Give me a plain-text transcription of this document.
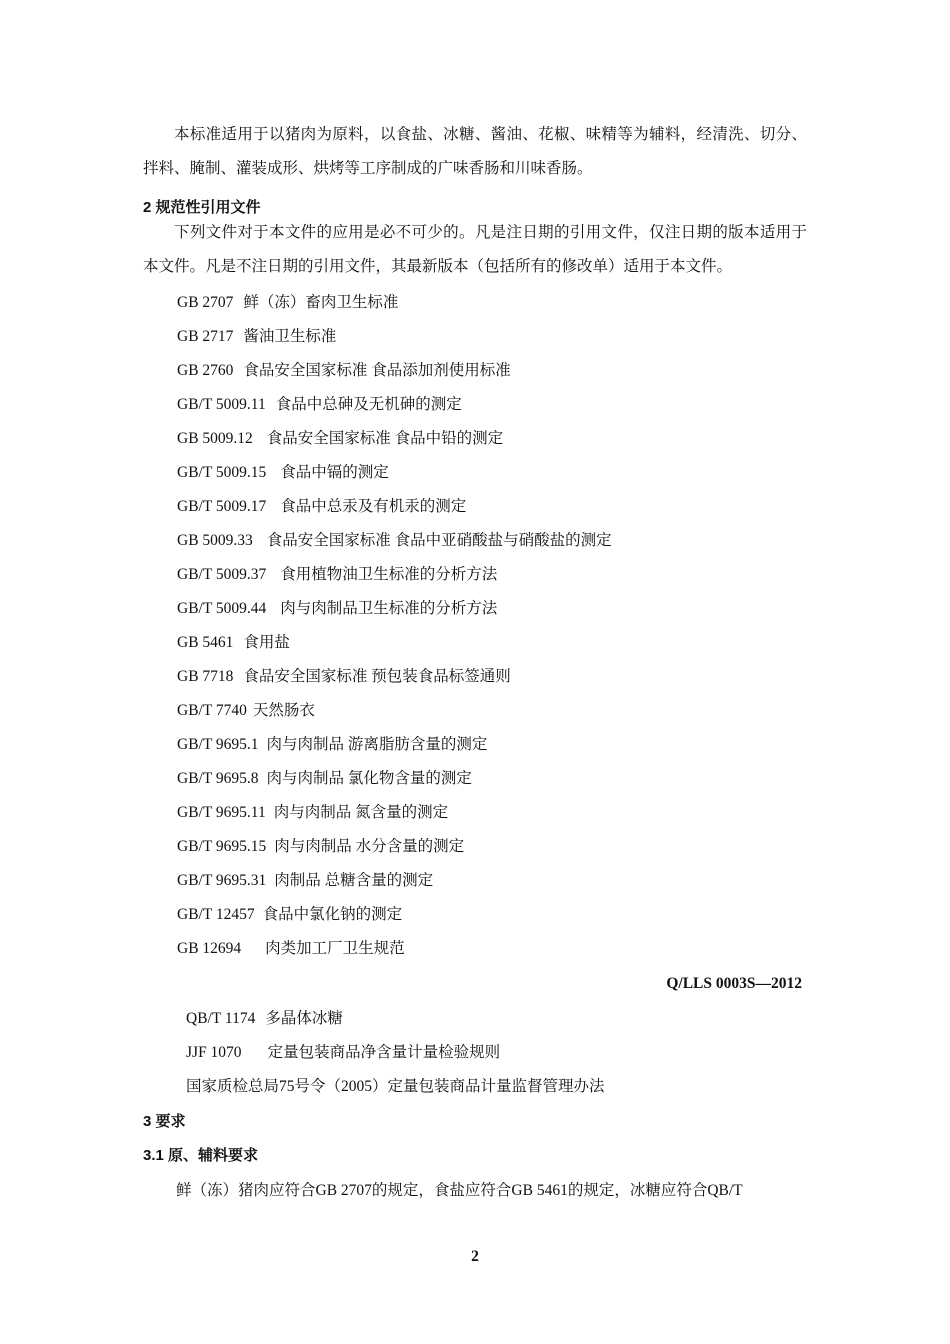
本标准适用于以猪肉为原料，以食盐、冰糖、酱油、花椒、味精等为辅料，经清洗、切分、拌料、腌制、灌装成形、烘烤等工序制成的广味香肠和川味香肠。
2 规范性引用文件
下列文件对于本文件的应用是必不可少的。凡是注日期的引用文件，仅注日期的版本适用于本文件。凡是不注日期的引用文件，其最新版本（包括所有的修改单）适用于本文件。
GB 2707 鲜（冻）畜肉卫生标准
GB 2717 酱油卫生标准
GB 2760 食品安全国家标准 食品添加剂使用标准
GB/T 5009.11 食品中总砷及无机砷的测定
GB 5009.12 食品安全国家标准 食品中铅的测定
GB/T 5009.15 食品中镉的测定
GB/T 5009.17 食品中总汞及有机汞的测定
GB 5009.33 食品安全国家标准 食品中亚硝酸盐与硝酸盐的测定
GB/T 5009.37 食用植物油卫生标准的分析方法
GB/T 5009.44 肉与肉制品卫生标准的分析方法
GB 5461 食用盐
GB 7718 食品安全国家标准 预包装食品标签通则
GB/T 7740 天然肠衣
GB/T 9695.1 肉与肉制品 游离脂肪含量的测定
GB/T 9695.8 肉与肉制品 氯化物含量的测定
GB/T 9695.11 肉与肉制品 氮含量的测定
GB/T 9695.15 肉与肉制品 水分含量的测定
GB/T 9695.31 肉制品 总糖含量的测定
GB/T 12457 食品中氯化钠的测定
GB 12694 肉类加工厂卫生规范
Q/LLS 0003S—2012
QB/T 1174 多晶体冰糖
JJF 1070 定量包装商品净含量计量检验规则
国家质检总局75号令（2005）定量包装商品计量监督管理办法
3 要求
3.1 原、辅料要求
鲜（冻）猪肉应符合GB 2707的规定，食盐应符合GB 5461的规定，冰糖应符合QB/T
2
